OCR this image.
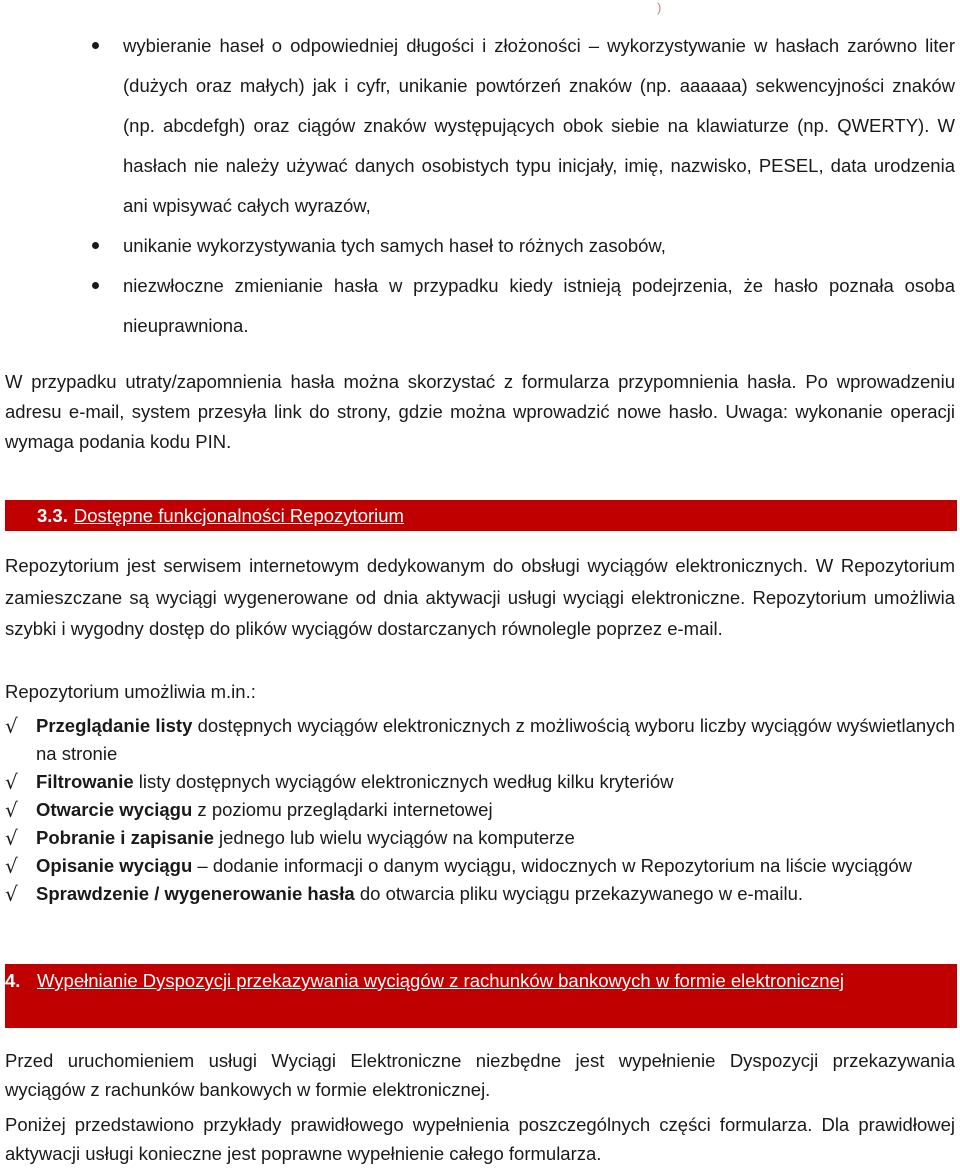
)
wybieranie haseł o odpowiedniej długości i złożoności – wykorzystywanie w hasłach zarówno liter (dużych oraz małych) jak i cyfr, unikanie powtórzeń znaków (np. aaaaaa) sekwencyjności znaków (np. abcdefgh) oraz ciągów znaków występujących obok siebie na klawiaturze (np. QWERTY). W hasłach nie należy używać danych osobistych typu inicjały, imię, nazwisko, PESEL, data urodzenia ani wpisywać całych wyrazów,
unikanie wykorzystywania tych samych haseł to różnych zasobów,
niezwłoczne zmienianie hasła w przypadku kiedy istnieją podejrzenia, że hasło poznała osoba nieuprawniona.

W przypadku utraty/zapomnienia hasła można skorzystać z formularza przypomnienia hasła. Po wprowadzeniu adresu e-mail, system przesyła link do strony, gdzie można wprowadzić nowe hasło. Uwaga: wykonanie operacji wymaga podania kodu PIN.

3.3. Dostępne funkcjonalności Repozytorium

Repozytorium jest serwisem internetowym dedykowanym do obsługi wyciągów elektronicznych. W Repozytorium zamieszczane są wyciągi wygenerowane od dnia aktywacji usługi wyciągi elektroniczne. Repozytorium umożliwia szybki i wygodny dostęp do plików wyciągów dostarczanych równolegle poprzez e-mail.

Repozytorium umożliwia m.in.:

√ Przeglądanie listy dostępnych wyciągów elektronicznych z możliwością wyboru liczby wyciągów wyświetlanych na stronie
√ Filtrowanie listy dostępnych wyciągów elektronicznych według kilku kryteriów
√ Otwarcie wyciągu z poziomu przeglądarki internetowej
√ Pobranie i zapisanie jednego lub wielu wyciągów na komputerze
√ Opisanie wyciągu – dodanie informacji o danym wyciągu, widocznych w Repozytorium na liście wyciągów
√ Sprawdzenie / wygenerowanie hasła do otwarcia pliku wyciągu przekazywanego w e-mailu.
4. Wypełnianie Dyspozycji przekazywania wyciągów z rachunków bankowych w formie elektronicznej

Przed uruchomieniem usługi Wyciągi Elektroniczne niezbędne jest wypełnienie Dyspozycji przekazywania wyciągów z rachunków bankowych w formie elektronicznej.

Poniżej przedstawiono przykłady prawidłowego wypełnienia poszczególnych części formularza. Dla prawidłowej aktywacji usługi konieczne jest poprawne wypełnienie całego formularza.
